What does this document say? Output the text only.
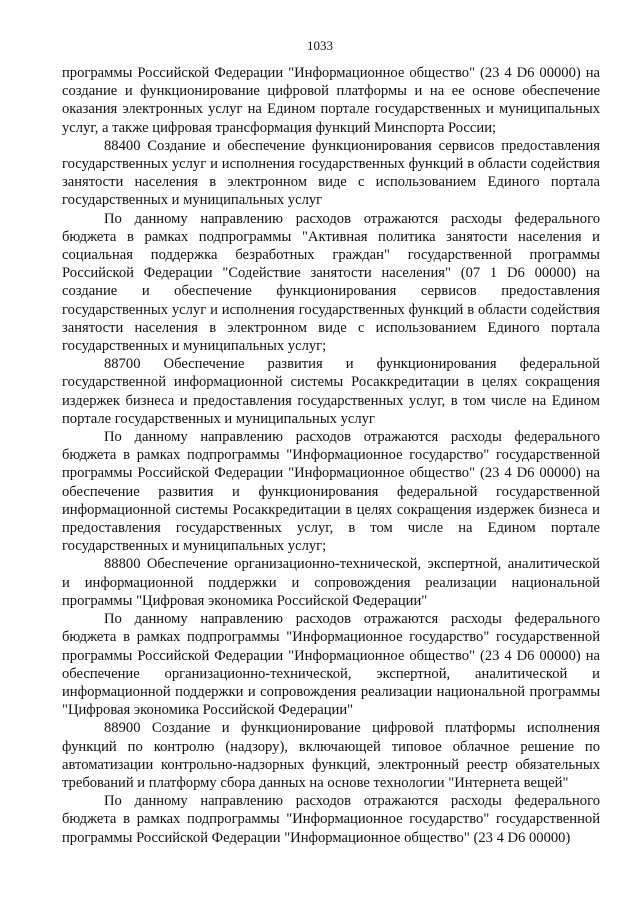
1033

программы Российской Федерации "Информационное общество" (23 4 D6 00000) на создание и функционирование цифровой платформы и на ее основе обеспечение оказания электронных услуг на Едином портале государственных и муниципальных услуг, а также цифровая трансформация функций Минспорта России;

88400 Создание и обеспечение функционирования сервисов предоставления государственных услуг и исполнения государственных функций в области содействия занятости населения в электронном виде с использованием Единого портала государственных и муниципальных услуг

По данному направлению расходов отражаются расходы федерального бюджета в рамках подпрограммы "Активная политика занятости населения и социальная поддержка безработных граждан" государственной программы Российской Федерации "Содействие занятости населения" (07 1 D6 00000) на создание и обеспечение функционирования сервисов предоставления государственных услуг и исполнения государственных функций в области содействия занятости населения в электронном виде с использованием Единого портала государственных и муниципальных услуг;

88700 Обеспечение развития и функционирования федеральной государственной информационной системы Росаккредитации в целях сокращения издержек бизнеса и предоставления государственных услуг, в том числе на Едином портале государственных и муниципальных услуг

По данному направлению расходов отражаются расходы федерального бюджета в рамках подпрограммы "Информационное государство" государственной программы Российской Федерации "Информационное общество" (23 4 D6 00000) на обеспечение развития и функционирования федеральной государственной информационной системы Росаккредитации в целях сокращения издержек бизнеса и предоставления государственных услуг, в том числе на Едином портале государственных и муниципальных услуг;

88800 Обеспечение организационно-технической, экспертной, аналитической и информационной поддержки и сопровождения реализации национальной программы "Цифровая экономика Российской Федерации"

По данному направлению расходов отражаются расходы федерального бюджета в рамках подпрограммы "Информационное государство" государственной программы Российской Федерации "Информационное общество" (23 4 D6 00000) на обеспечение организационно-технической, экспертной, аналитической и информационной поддержки и сопровождения реализации национальной программы "Цифровая экономика Российской Федерации"

88900 Создание и функционирование цифровой платформы исполнения функций по контролю (надзору), включающей типовое облачное решение по автоматизации контрольно-надзорных функций, электронный реестр обязательных требований и платформу сбора данных на основе технологии "Интернета вещей"

По данному направлению расходов отражаются расходы федерального бюджета в рамках подпрограммы "Информационное государство" государственной программы Российской Федерации "Информационное общество" (23 4 D6 00000)
